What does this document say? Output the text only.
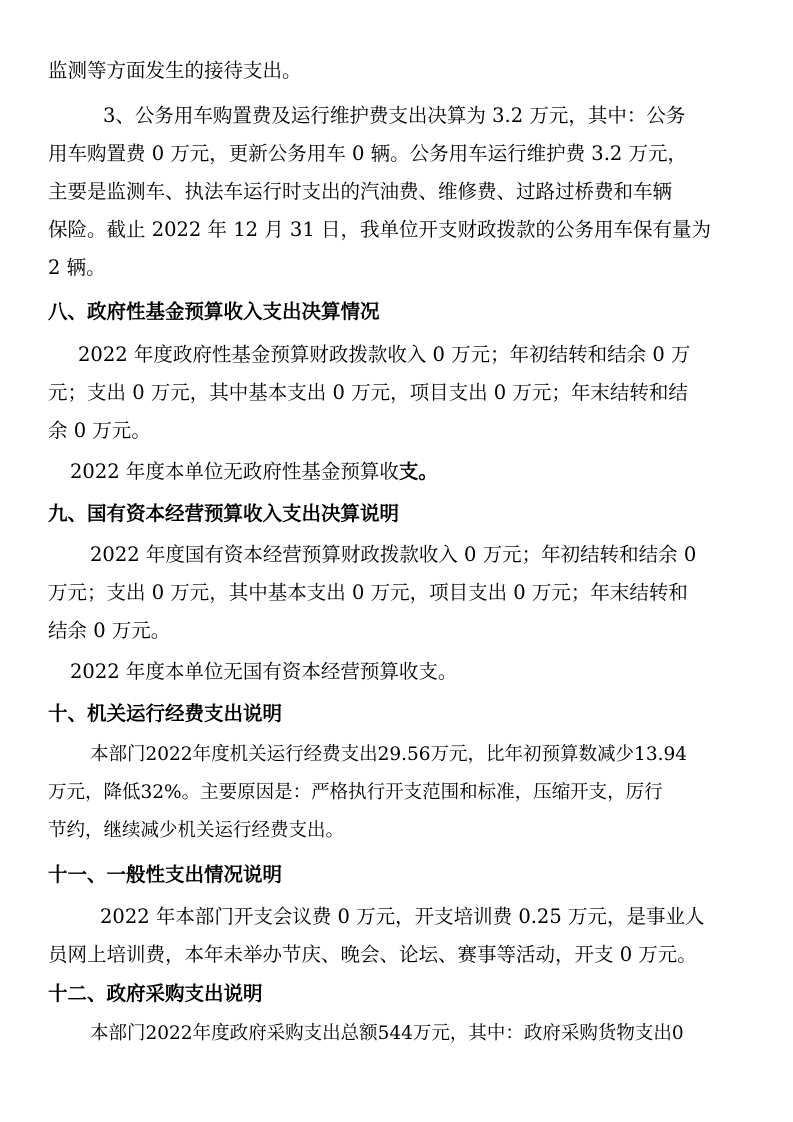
监测等方面发生的接待支出。
3、公务用车购置费及运行维护费支出决算为 3.2 万元，其中：公务
用车购置费 0 万元，更新公务用车 0 辆。公务用车运行维护费 3.2 万元，
主要是监测车、执法车运行时支出的汽油费、维修费、过路过桥费和车辆
保险。截止 2022 年 12 月 31 日，我单位开支财政拨款的公务用车保有量为
2 辆。
八、政府性基金预算收入支出决算情况
2022 年度政府性基金预算财政拨款收入 0 万元；年初结转和结余 0 万
元；支出 0 万元，其中基本支出 0 万元，项目支出 0 万元；年末结转和结
余 0 万元。
2022 年度本单位无政府性基金预算收支。
九、国有资本经营预算收入支出决算说明
2022 年度国有资本经营预算财政拨款收入 0 万元；年初结转和结余 0
万元；支出 0 万元，其中基本支出 0 万元，项目支出 0 万元；年末结转和
结余 0 万元。
2022 年度本单位无国有资本经营预算收支。
十、机关运行经费支出说明
本部门2022年度机关运行经费支出29.56万元，比年初预算数减少13.94
万元，降低32%。主要原因是：严格执行开支范围和标准，压缩开支，厉行
节约，继续减少机关运行经费支出。
十一、一般性支出情况说明
2022 年本部门开支会议费 0 万元，开支培训费 0.25 万元，是事业人
员网上培训费，本年未举办节庆、晚会、论坛、赛事等活动，开支 0 万元。
十二、政府采购支出说明
本部门2022年度政府采购支出总额544万元，其中：政府采购货物支出0
